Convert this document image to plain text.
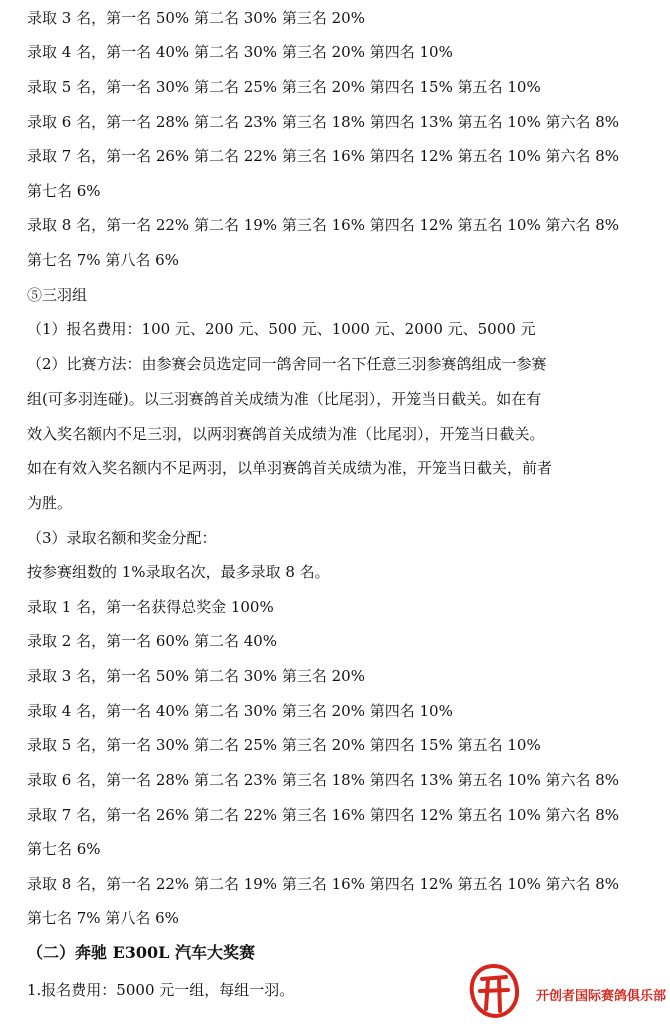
录取 3 名，第一名 50% 第二名 30% 第三名 20%
录取 4 名，第一名 40% 第二名 30% 第三名 20% 第四名 10%
录取 5 名，第一名 30% 第二名 25% 第三名 20% 第四名 15% 第五名 10%
录取 6 名，第一名 28% 第二名 23% 第三名 18% 第四名 13% 第五名 10% 第六名 8%
录取 7 名，第一名 26% 第二名 22% 第三名 16% 第四名 12% 第五名 10% 第六名 8%
第七名 6%
录取 8 名，第一名 22% 第二名 19% 第三名 16% 第四名 12% 第五名 10% 第六名 8%
第七名 7% 第八名 6%
⑤三羽组
（1）报名费用：100 元、200 元、500 元、1000 元、2000 元、5000 元
（2）比赛方法：由参赛会员选定同一鸽舍同一名下任意三羽参赛鸽组成一参赛
组(可多羽连碰)。以三羽赛鸽首关成绩为准（比尾羽），开笼当日截关。如在有
效入奖名额内不足三羽，以两羽赛鸽首关成绩为准（比尾羽），开笼当日截关。
如在有效入奖名额内不足两羽，以单羽赛鸽首关成绩为准，开笼当日截关，前者
为胜。
（3）录取名额和奖金分配：
按参赛组数的 1%录取名次，最多录取 8 名。
录取 1 名，第一名获得总奖金 100%
录取 2 名，第一名 60% 第二名 40%
录取 3 名，第一名 50% 第二名 30% 第三名 20%
录取 4 名，第一名 40% 第二名 30% 第三名 20% 第四名 10%
录取 5 名，第一名 30% 第二名 25% 第三名 20% 第四名 15% 第五名 10%
录取 6 名，第一名 28% 第二名 23% 第三名 18% 第四名 13% 第五名 10% 第六名 8%
录取 7 名，第一名 26% 第二名 22% 第三名 16% 第四名 12% 第五名 10% 第六名 8%
第七名 6%
录取 8 名，第一名 22% 第二名 19% 第三名 16% 第四名 12% 第五名 10% 第六名 8%
第七名 7% 第八名 6%
（二）奔驰 E300L 汽车大奖赛
1.报名费用：5000 元一组，每组一羽。	开创者国际赛鸽俱乐部
